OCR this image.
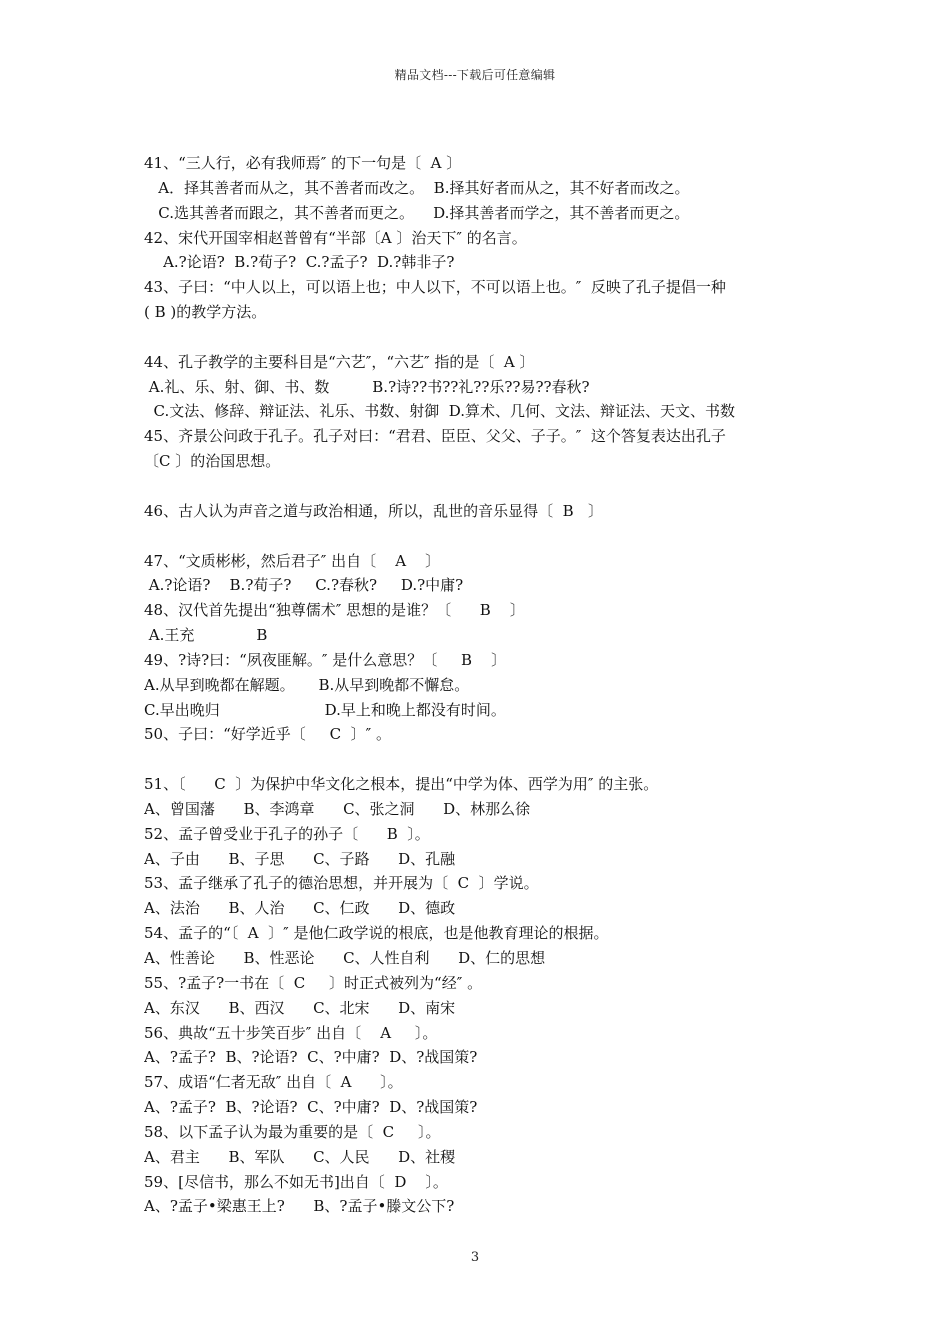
精品文档---下载后可任意编辑
41、“三人行，必有我师焉″ 的下一句是〔  A 〕
A．择其善者而从之，其不善者而改之。  B.择其好者而从之，其不好者而改之。
C.选其善者而跟之，其不善者而更之。    D.择其善者而学之，其不善者而更之。
42、宋代开国宰相赵普曾有“半部〔A 〕治天下″ 的名言。
A.?论语?  B.?荀子?  C.?孟子?  D.?韩非子?
43、子曰：“中人以上，可以语上也；中人以下，不可以语上也。″  反映了孔子提倡一种
( B )的教学方法。
44、孔子教学的主要科目是“六艺″，“六艺″ 指的是〔  A 〕
A.礼、乐、射、御、书、数         B.?诗??书??礼??乐??易??春秋?
C.文法、修辞、辩证法、礼乐、书数、射御  D.算术、几何、文法、辩证法、天文、书数
45、齐景公问政于孔子。孔子对曰：“君君、臣臣、父父、子子。″  这个答复表达出孔子
〔C 〕的治国思想。
46、古人认为声音之道与政治相通，所以，乱世的音乐显得〔  B   〕
47、“文质彬彬，然后君子″ 出自〔    A    〕
A.?论语?    B.?荀子?     C.?春秋?     D.?中庸?
48、汉代首先提出“独尊儒术″ 思想的是谁？〔      B    〕
A.王充             B
49、?诗?曰：“夙夜匪解。″ 是什么意思？〔     B    〕
A.从早到晚都在解题。     B.从早到晚都不懈怠。
C.早出晚归                      D.早上和晚上都没有时间。
50、子曰：“好学近乎〔     C  〕″ 。
51、〔      C  〕为保护中华文化之根本，提出“中学为体、西学为用″ 的主张。
A、曾国藩      B、李鸿章      C、张之洞      D、林那么徐
52、孟子曾受业于孔子的孙子〔      B  〕。
A、子由      B、子思      C、子路      D、孔融
53、孟子继承了孔子的德治思想，并开展为〔  C  〕学说。
A、法治      B、人治      C、仁政      D、德政
54、孟子的“〔  A  〕″ 是他仁政学说的根底，也是他教育理论的根据。
A、性善论      B、性恶论      C、人性自利      D、仁的思想
55、?孟子?一书在〔  C     〕时正式被列为“经″ 。
A、东汉      B、西汉      C、北宋      D、南宋
56、典故“五十步笑百步″ 出自〔    A     〕。
A、?孟子?  B、?论语?  C、?中庸?  D、?战国策?
57、成语“仁者无敌″ 出自〔  A      〕。
A、?孟子?  B、?论语?  C、?中庸?  D、?战国策?
58、以下孟子认为最为重要的是〔  C     〕。
A、君主      B、军队      C、人民      D、社稷
59、[尽信书，那么不如无书]出自〔  D    〕。
A、?孟子•梁惠王上?      B、?孟子•滕文公下?
3
